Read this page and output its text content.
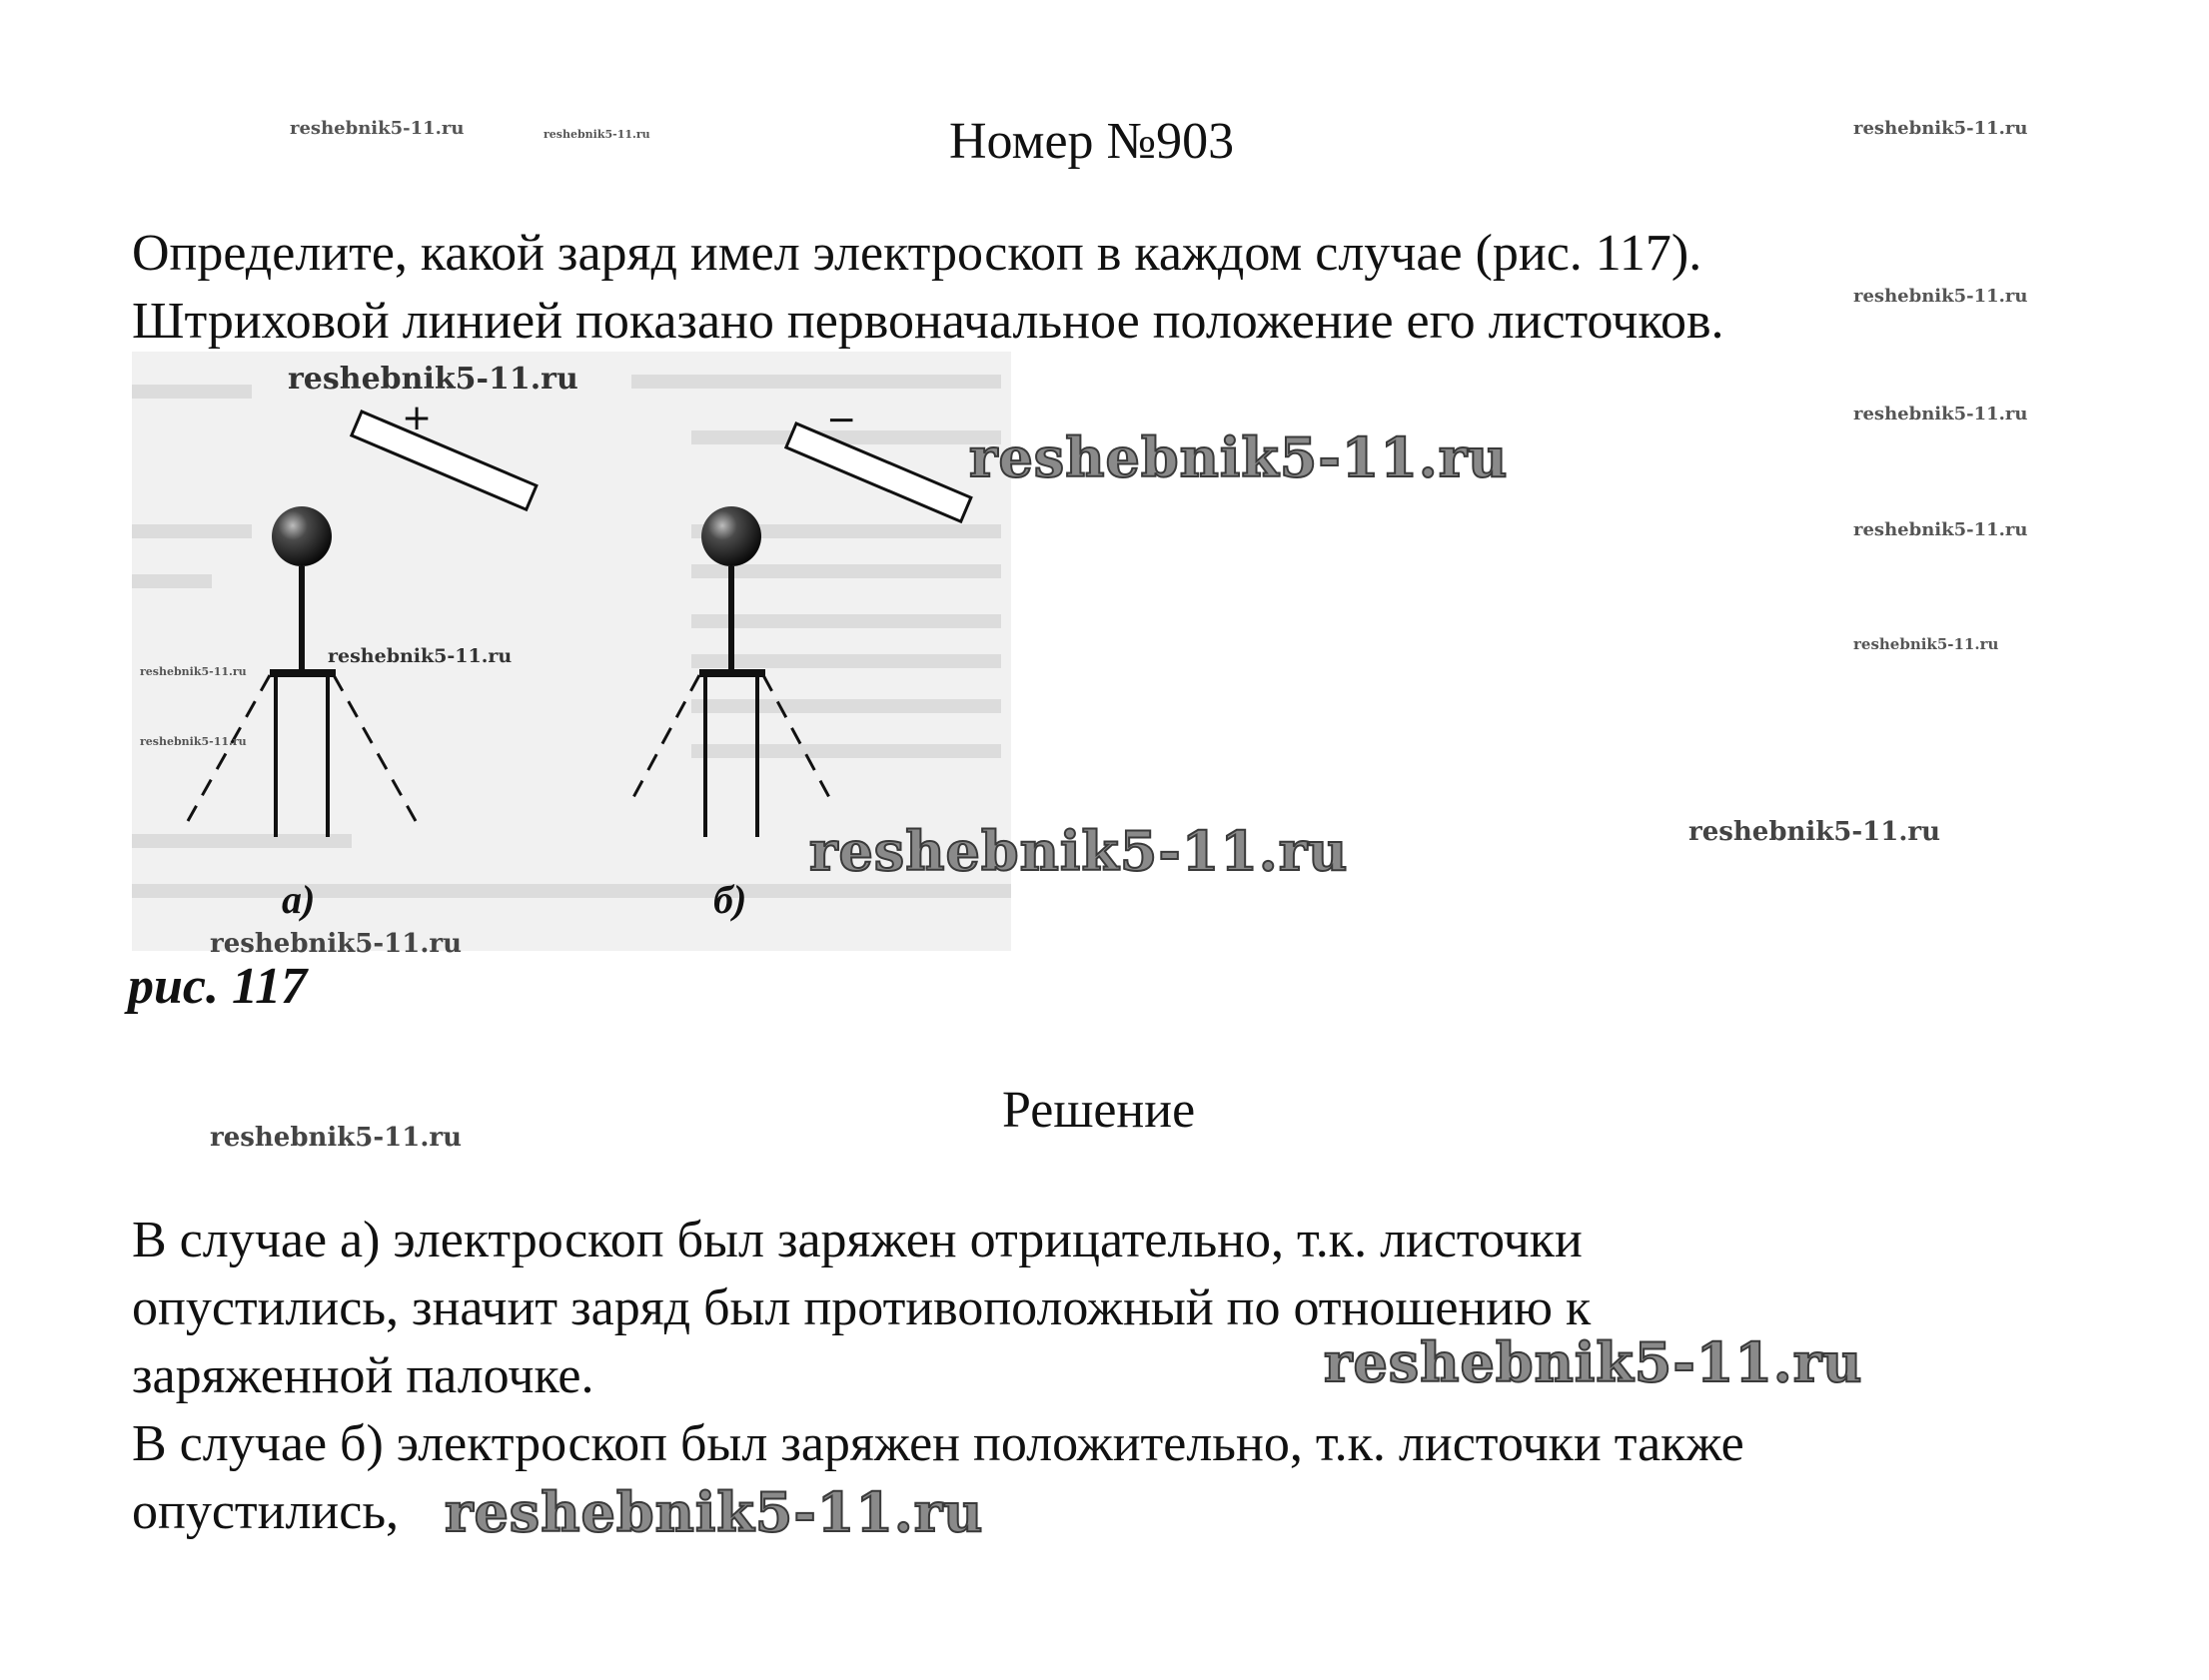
reshebnik5-11.ru	reshebnik5-11.ru	reshebnik5-11.ru
Номер №903
Определите, какой заряд имел электроскоп в каждом случае (рис. 117).
Штриховой линией показано первоначальное положение его листочков.	reshebnik5-11.ru
reshebnik5-11.ru
reshebnik5-11.ru
reshebnik5-11.ru
reshebnik5-11.ru
+	−
а)	б)
reshebnik5-11.ru
reshebnik5-11.ru
reshebnik5-11.ru
reshebnik5-11.ru
reshebnik5-11.ru
reshebnik5-11.ru
reshebnik5-11.ru
рис. 117
Решение
reshebnik5-11.ru
В случае а) электроскоп был заряжен отрицательно, т.к. листочки
опустились, значит заряд был противоположный по отношению к
заряженной палочке.	reshebnik5-11.ru
В случае б) электроскоп был заряжен положительно, т.к. листочки также
опустились, reshebnik5-11.ru
